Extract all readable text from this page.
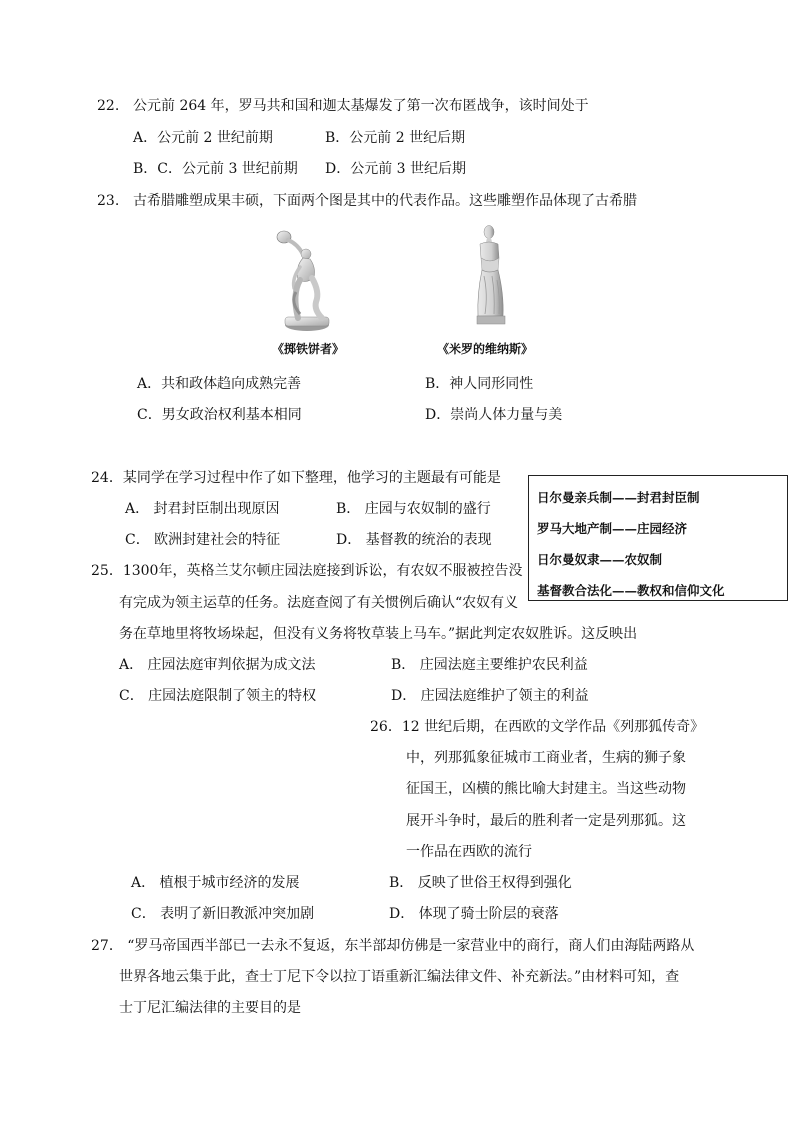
22. 公元前 264 年，罗马共和国和迦太基爆发了第一次布匿战争，该时间处于
A．公元前 2 世纪前期	B．公元前 2 世纪后期
B．C．公元前 3 世纪前期 D．公元前 3 世纪后期
23. 古希腊雕塑成果丰硕，下面两个图是其中的代表作品。这些雕塑作品体现了古希腊
《掷铁饼者》	《米罗的维纳斯》
A．共和政体趋向成熟完善	B．神人同形同性
C．男女政治权利基本相同	D．崇尚人体力量与美
24．某同学在学习过程中作了如下整理，他学习的主题最有可能是
日尔曼亲兵制——封君封臣制
罗马大地产制——庄园经济
日尔曼奴隶——农奴制
基督教合法化——教权和信仰文化
A． 封君封臣制出现原因	B． 庄园与农奴制的盛行
C． 欧洲封建社会的特征	D． 基督教的统治的表现
25．1300年，英格兰艾尔顿庄园法庭接到诉讼，有农奴不服被控告没
有完成为领主运草的任务。法庭查阅了有关惯例后确认“农奴有义
务在草地里将牧场垛起，但没有义务将牧草装上马车。”据此判定农奴胜诉。这反映出
A． 庄园法庭审判依据为成文法	B． 庄园法庭主要维护农民利益
C． 庄园法庭限制了领主的特权	D． 庄园法庭维护了领主的利益
26．12 世纪后期，在西欧的文学作品《列那狐传奇》
中，列那狐象征城市工商业者，生病的狮子象
征国王，凶横的熊比喻大封建主。当这些动物
展开斗争时，最后的胜利者一定是列那狐。这
一作品在西欧的流行
A． 植根于城市经济的发展	B． 反映了世俗王权得到强化
C． 表明了新旧教派冲突加剧	D． 体现了骑士阶层的衰落
27． “罗马帝国西半部已一去永不复返，东半部却仿佛是一家营业中的商行，商人们由海陆两路从
世界各地云集于此，查士丁尼下令以拉丁语重新汇编法律文件、补充新法。”由材料可知，查
士丁尼汇编法律的主要目的是
